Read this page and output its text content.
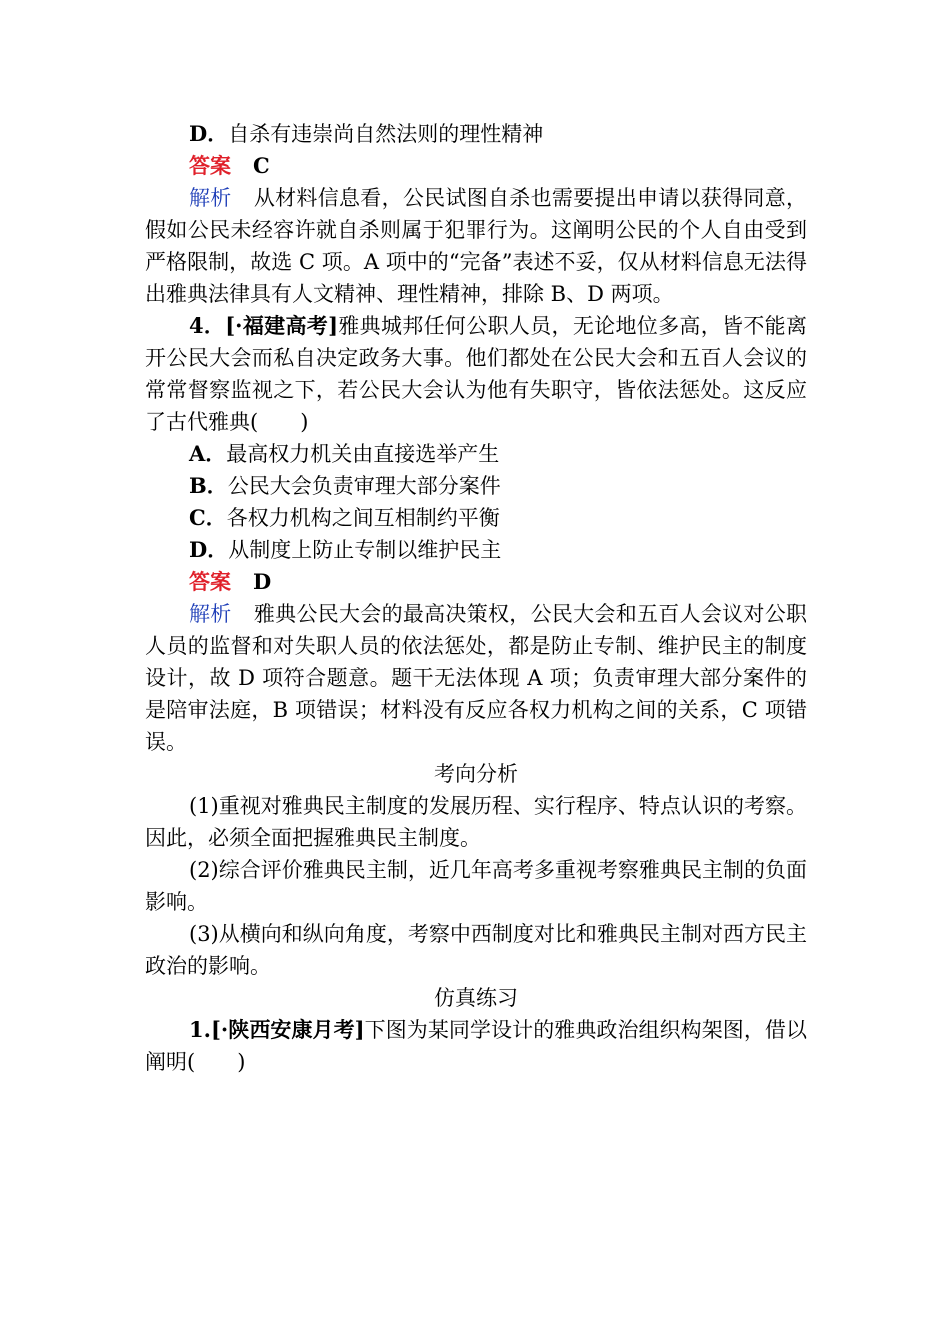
D．自杀有违崇尚自然法则的理性精神

答案 C

解析 从材料信息看，公民试图自杀也需要提出申请以获得同意，假如公民未经容许就自杀则属于犯罪行为。这阐明公民的个人自由受到严格限制，故选 C 项。A 项中的“完备”表述不妥，仅从材料信息无法得出雅典法律具有人文精神、理性精神，排除 B、D 两项。

4．[·福建高考]雅典城邦任何公职人员，无论地位多高，皆不能离开公民大会而私自决定政务大事。他们都处在公民大会和五百人会议的常常督察监视之下，若公民大会认为他有失职守，皆依法惩处。这反应了古代雅典(　　)

A．最高权力机关由直接选举产生

B．公民大会负责审理大部分案件

C．各权力机构之间互相制约平衡

D．从制度上防止专制以维护民主

答案 D

解析 雅典公民大会的最高决策权，公民大会和五百人会议对公职人员的监督和对失职人员的依法惩处，都是防止专制、维护民主的制度设计，故 D 项符合题意。题干无法体现 A 项；负责审理大部分案件的是陪审法庭，B 项错误；材料没有反应各权力机构之间的关系，C 项错误。

考向分析

(1)重视对雅典民主制度的发展历程、实行程序、特点认识的考察。因此，必须全面把握雅典民主制度。

(2)综合评价雅典民主制，近几年高考多重视考察雅典民主制的负面影响。

(3)从横向和纵向角度，考察中西制度对比和雅典民主制对西方民主政治的影响。

仿真练习

1.[·陕西安康月考]下图为某同学设计的雅典政治组织构架图，借以阐明(　　)
